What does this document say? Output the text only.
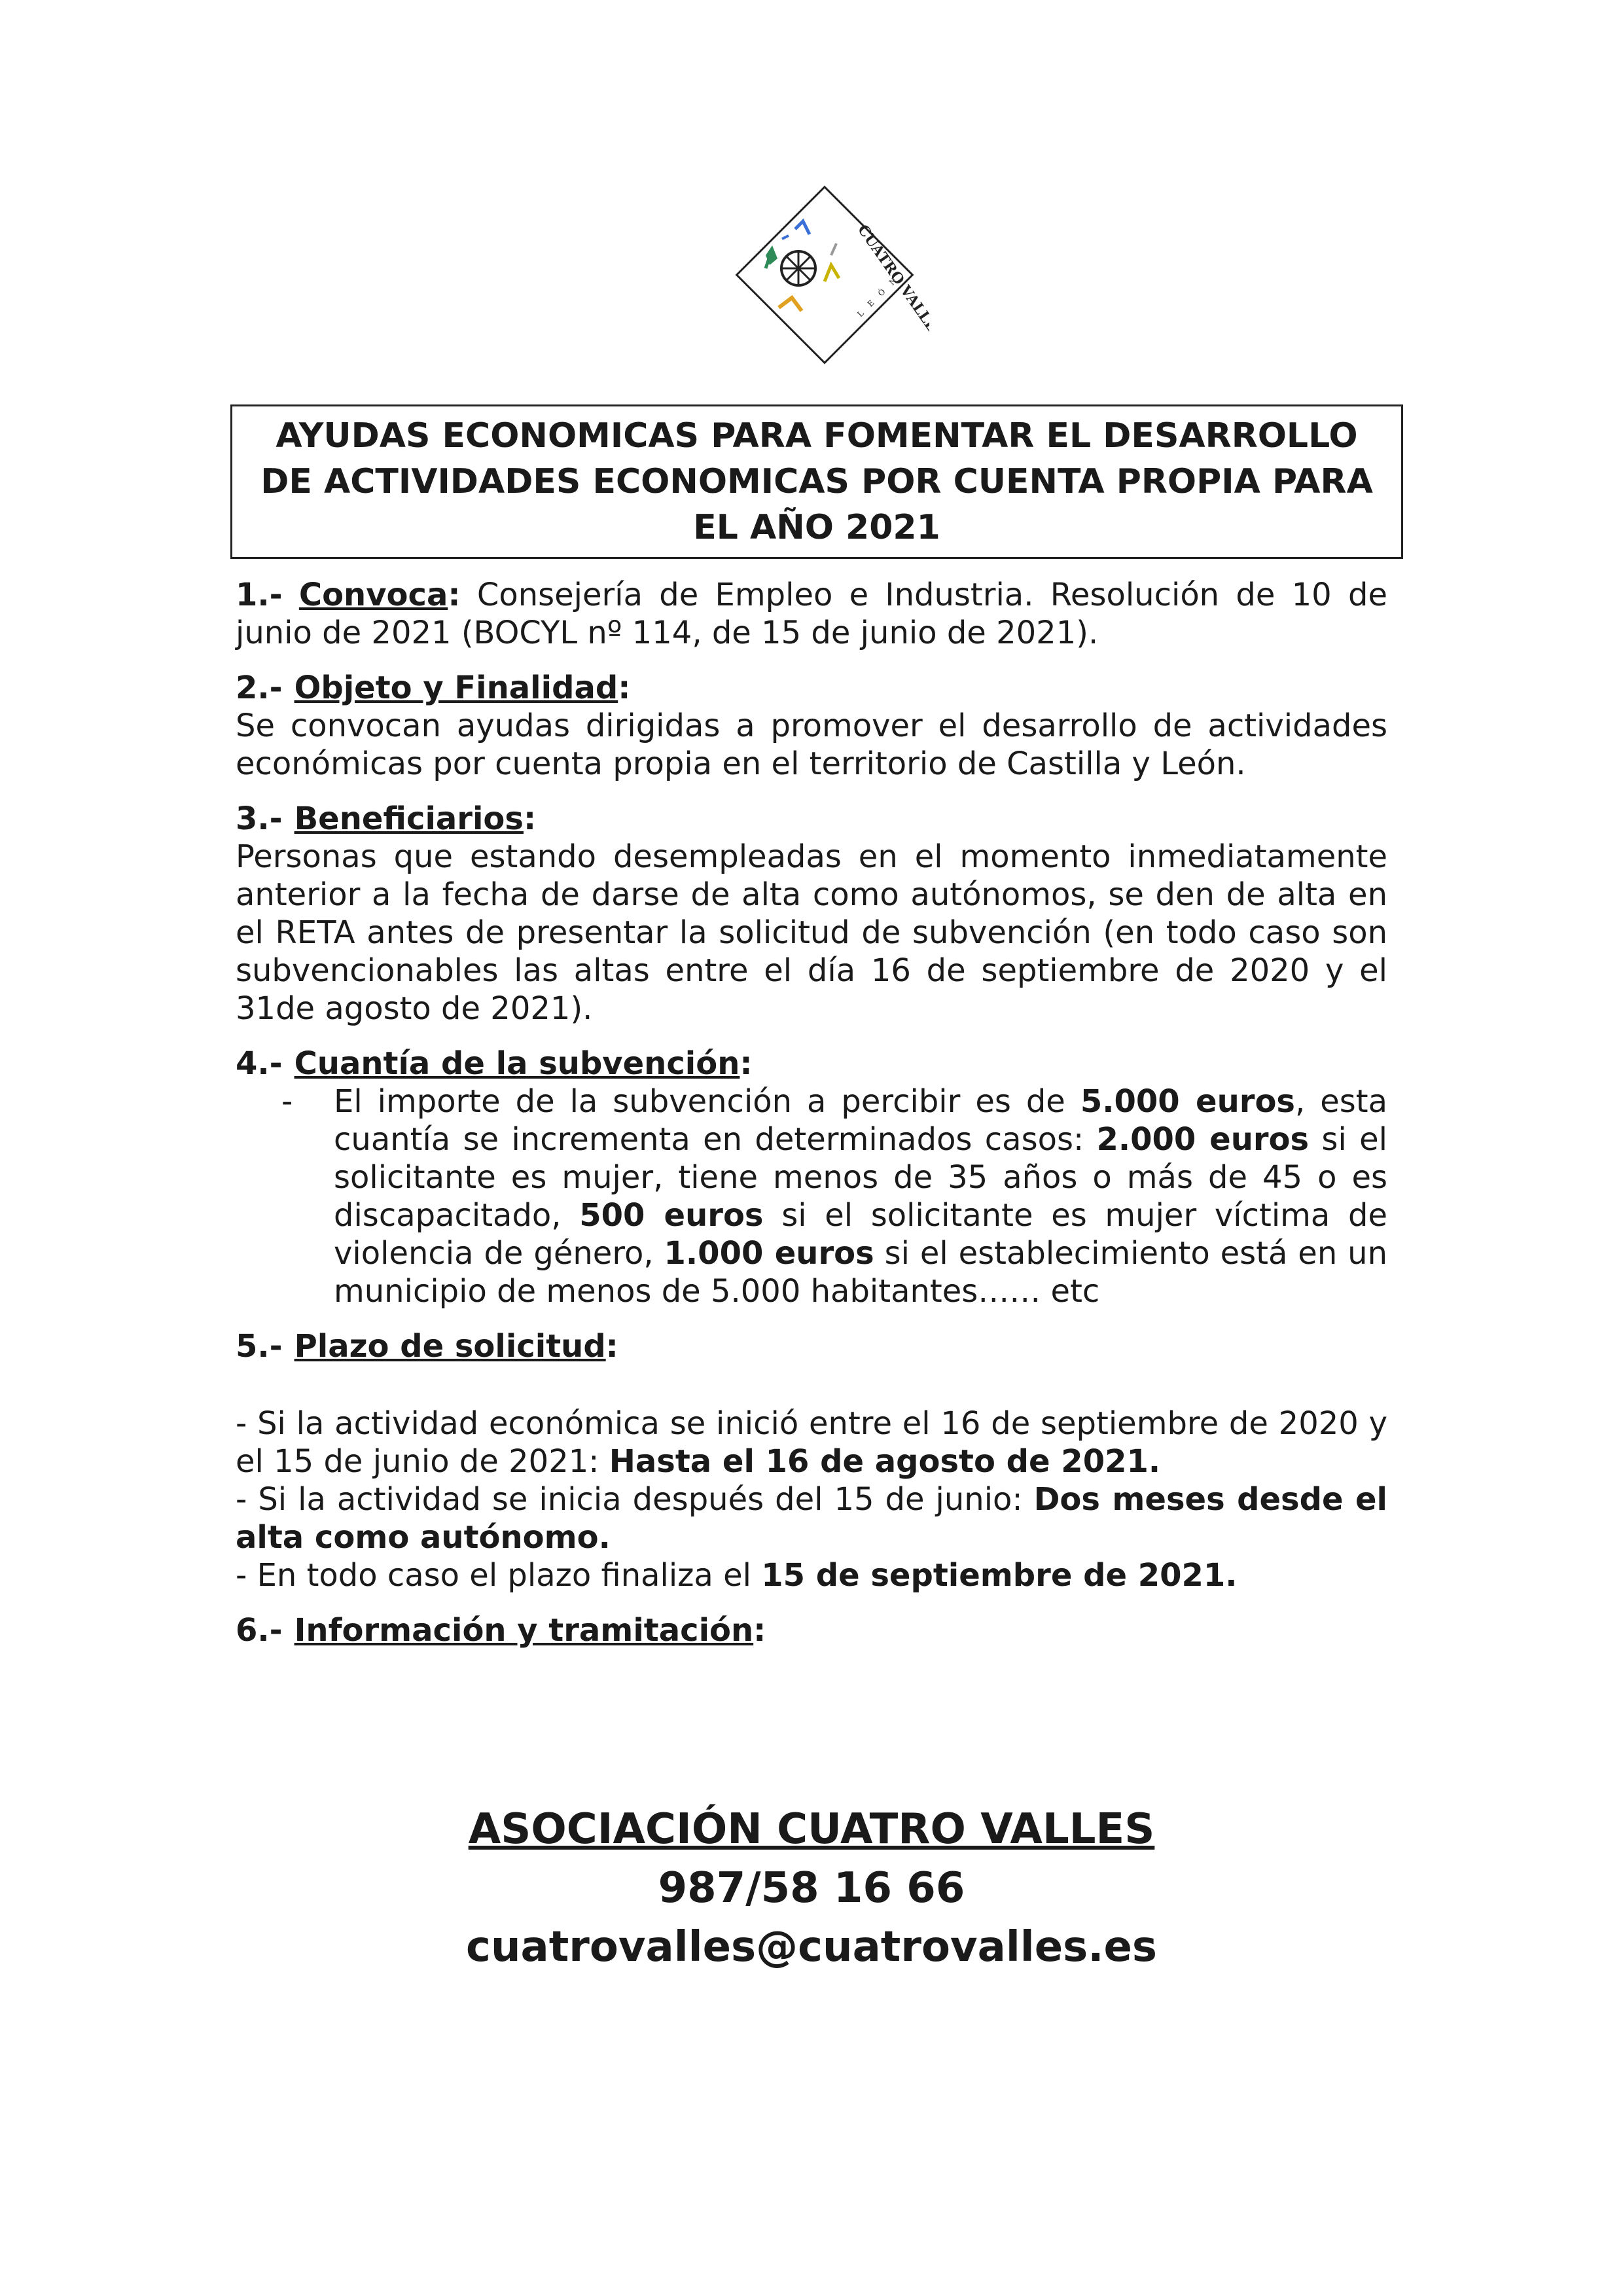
CUATRO VALLES
LEÓN
AYUDAS ECONOMICAS PARA FOMENTAR EL DESARROLLO DE ACTIVIDADES ECONOMICAS POR CUENTA PROPIA PARA EL AÑO 2021

1.- Convoca: Consejería de Empleo e Industria. Resolución de 10 de junio de 2021 (BOCYL nº 114, de 15 de junio de 2021).

2.- Objeto y Finalidad:

Se convocan ayudas dirigidas a promover el desarrollo de actividades económicas por cuenta propia en el territorio de Castilla y León.

3.- Beneficiarios:

Personas que estando desempleadas en el momento inmediatamente anterior a la fecha de darse de alta como autónomos, se den de alta en el RETA antes de presentar la solicitud de subvención (en todo caso son subvencionables las altas entre el día 16 de septiembre de 2020 y el 31de agosto de 2021).

4.- Cuantía de la subvención:
-	El importe de la subvención a percibir es de 5.000 euros, esta cuantía se incrementa en determinados casos: 2.000 euros si el solicitante es mujer, tiene menos de 35 años o más de 45 o es discapacitado, 500 euros si el solicitante es mujer víctima de violencia de género, 1.000 euros si el establecimiento está en un municipio de menos de 5.000 habitantes…… etc

5.- Plazo de solicitud:

- Si la actividad económica se inició entre el 16 de septiembre de 2020 y el 15 de junio de 2021: Hasta el 16 de agosto de 2021.

- Si la actividad se inicia después del 15 de junio: Dos meses desde el alta como autónomo.

- En todo caso el plazo finaliza el 15 de septiembre de 2021.

6.- Información y tramitación:
ASOCIACIÓN CUATRO VALLES
987/58 16 66
cuatrovalles@cuatrovalles.es
